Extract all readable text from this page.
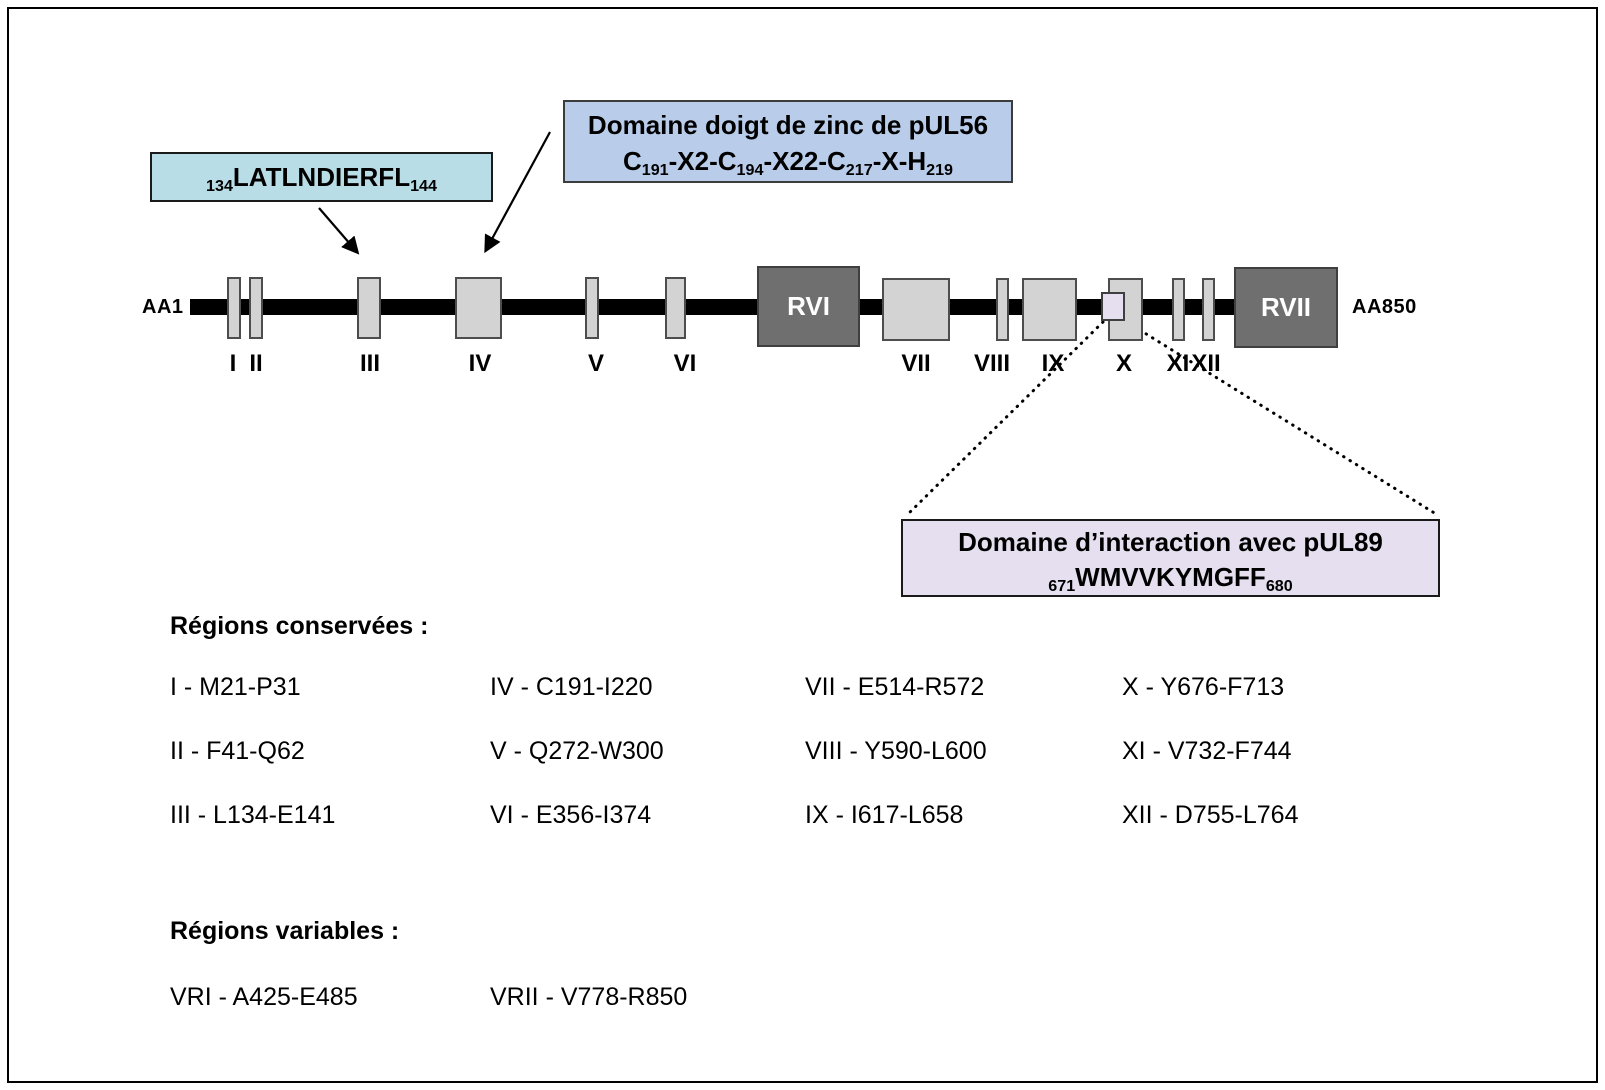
AA1	AA850
RVI	RVII
I II	III	IV	V	VI	VII	VIII	IX	X	XI XII
$_{134}LATLNDIERFL_{144}$
Domaine doigt de zinc de pUL56
$C_{191}-X2-C_{194}-X22-C_{217}-X-H_{219}$
Domaine d’interaction avec pUL89
$_{671}WMVVKYMGFF_{680}$
Régions conservées :
I - M21-P31	IV - C191-I220	VII - E514-R572	X - Y676-F713
II - F41-Q62	V - Q272-W300	VIII - Y590-L600	XI - V732-F744
III - L134-E141	VI - E356-I374	IX - I617-L658	XII - D755-L764
Régions variables :
VRI - A425-E485	VRII - V778-R850
